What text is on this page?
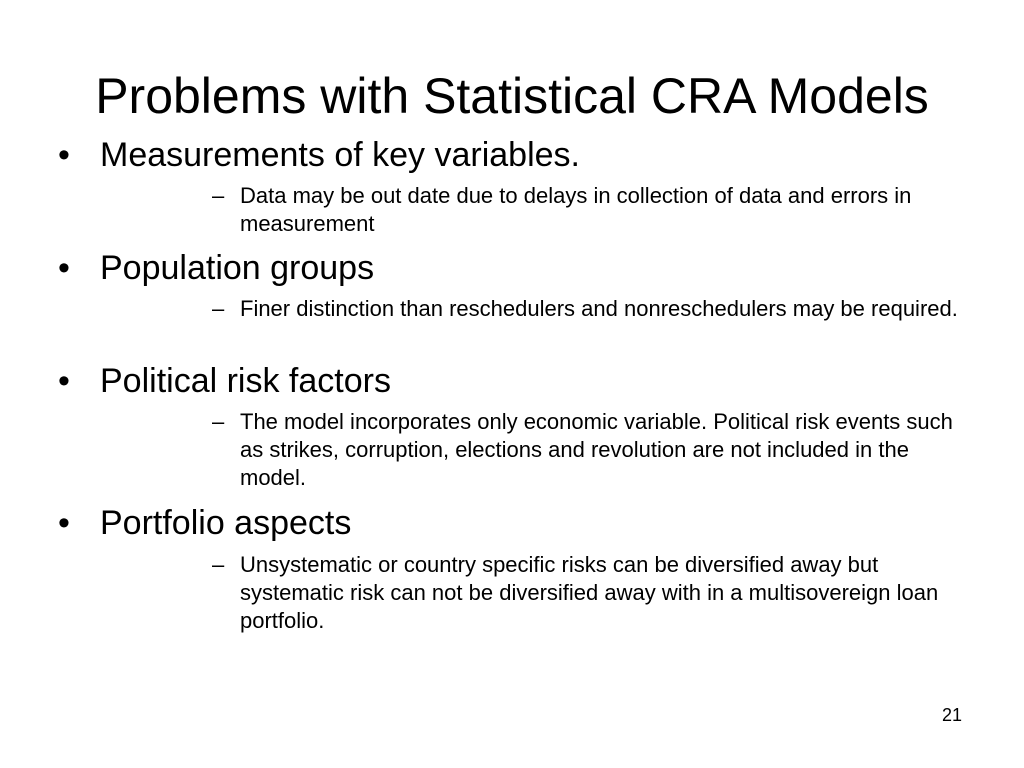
Problems with Statistical CRA Models
• Measurements of key variables.
– Data may be out date due to delays in collection of data and errors in measurement
• Population groups
– Finer distinction than reschedulers and nonreschedulers may be required.
• Political risk factors
– The model incorporates only economic variable. Political risk events such as strikes, corruption, elections and revolution are not included in the model.
• Portfolio aspects
– Unsystematic or country specific risks can be diversified away but systematic risk can not be diversified away with in a multisovereign loan portfolio.
21
